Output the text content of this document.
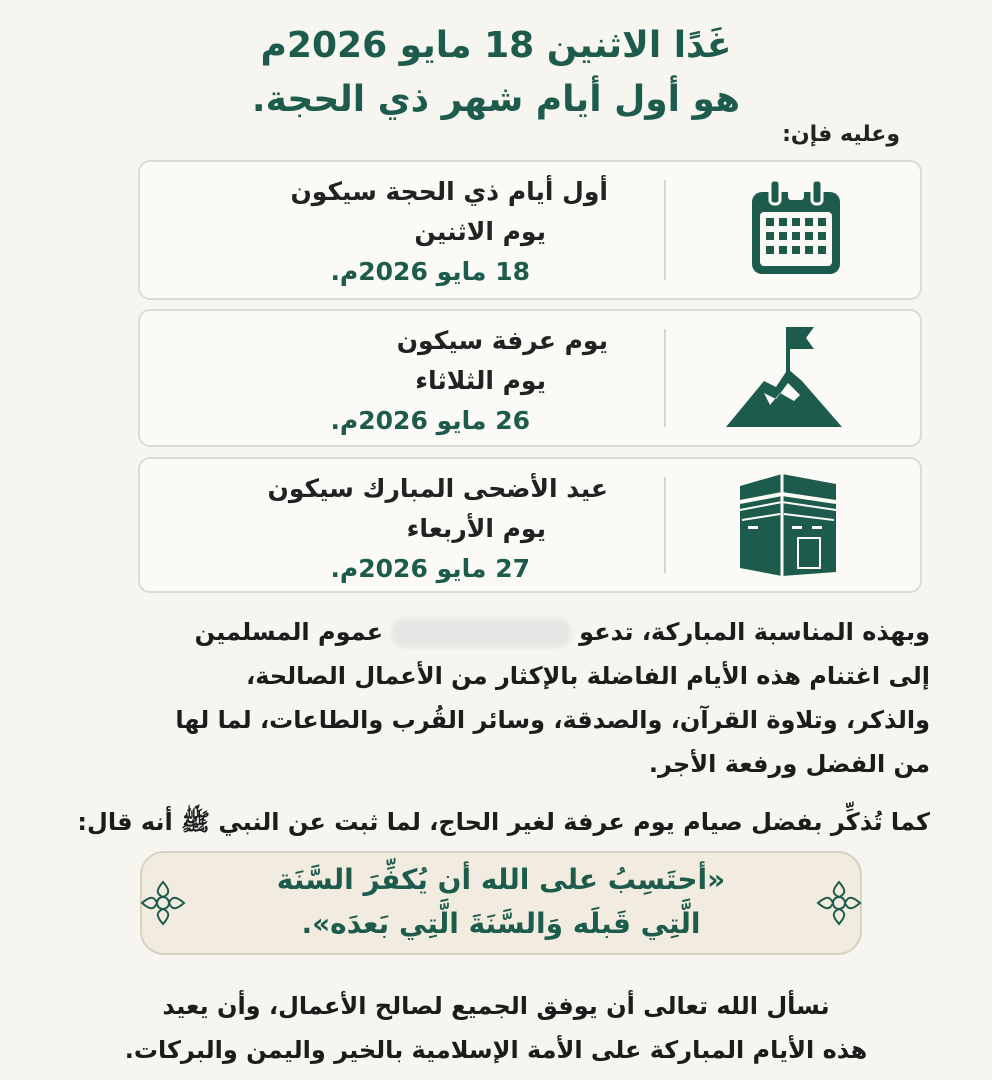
غَدًا الاثنين 18 مايو 2026م
هو أول أيام شهر ذي الحجة.
وعليه فإن:
أول أيام ذي الحجة سيكون
يوم الاثنين
18 مايو 2026م.
يوم عرفة سيكون
يوم الثلاثاء
26 مايو 2026م.
عيد الأضحى المبارك سيكون
يوم الأربعاء
27 مايو 2026م.
وبهذه المناسبة المباركة، تدعوعموم المسلمين
إلى اغتنام هذه الأيام الفاضلة بالإكثار من الأعمال الصالحة،
والذكر، وتلاوة القرآن، والصدقة، وسائر القُرب والطاعات، لما لها
من الفضل ورفعة الأجر.
كما تُذكِّر بفضل صيام يوم عرفة لغير الحاج، لما ثبت عن النبي ﷺ أنه قال:
«أحتَسِبُ على الله أن يُكفِّرَ السَّنَة
الَّتِي قَبلَه وَالسَّنَةَ الَّتِي بَعدَه».
نسأل الله تعالى أن يوفق الجميع لصالح الأعمال، وأن يعيد
هذه الأيام المباركة على الأمة الإسلامية بالخير واليمن والبركات.
